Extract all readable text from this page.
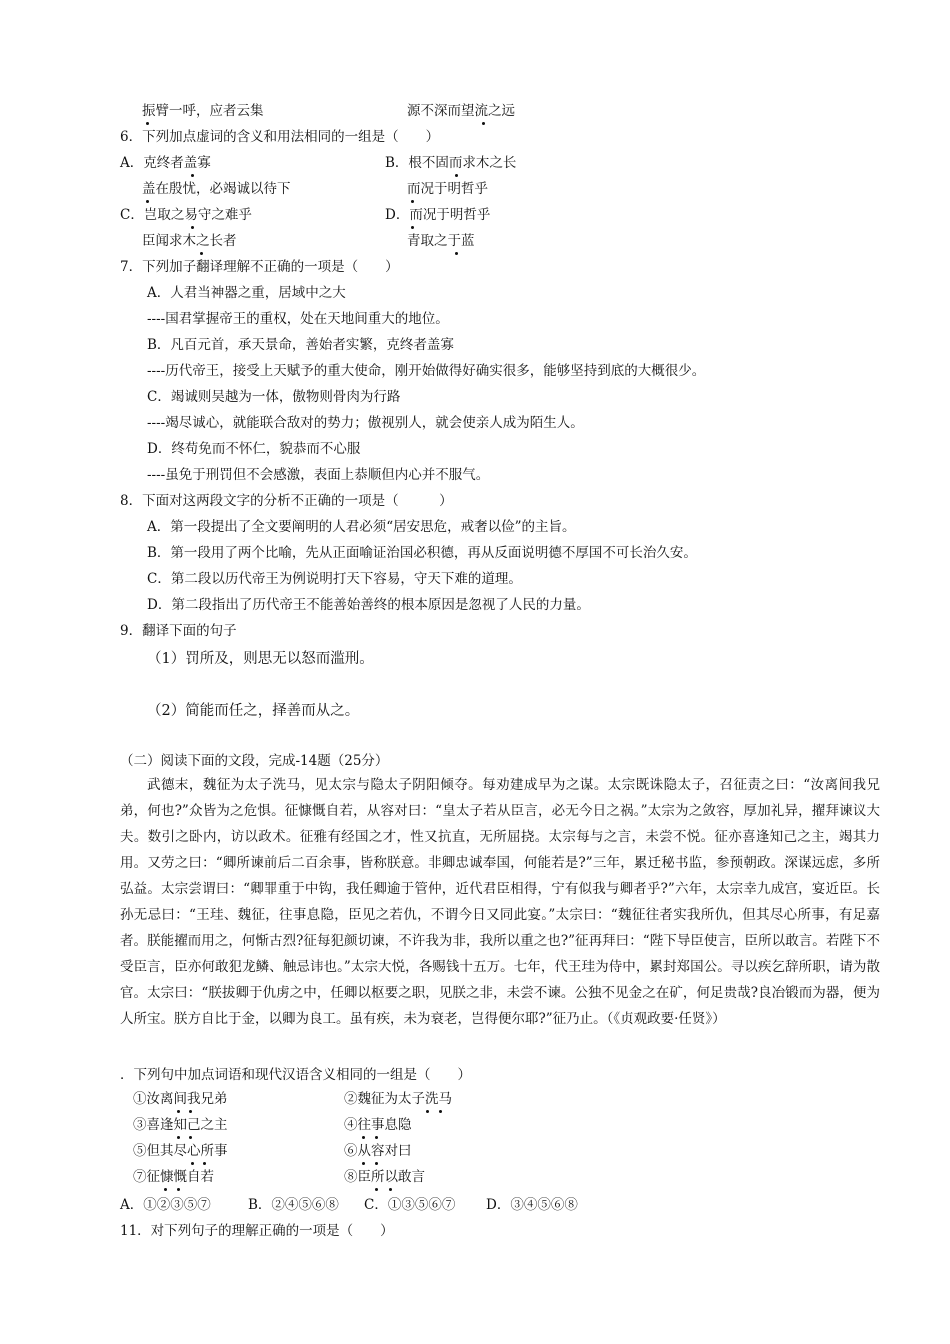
振臂一呼，应者云集	源不深而望流之远
6．下列加点虚词的含义和用法相同的一组是（　　）
A．克终者盖寡	B．根不固而求木之长
盖在殷忧，必竭诚以待下	而况于明哲乎
C．岂取之易守之难乎	D．而况于明哲乎
臣闻求木之长者	青取之于蓝
7．下列加子翻译理解不正确的一项是（　　）
A．人君当神器之重，居域中之大
----国君掌握帝王的重权，处在天地间重大的地位。
B．凡百元首，承天景命，善始者实繁，克终者盖寡
----历代帝王，接受上天赋予的重大使命，刚开始做得好确实很多，能够坚持到底的大概很少。
C．竭诚则吴越为一体，傲物则骨肉为行路
----竭尽诚心，就能联合敌对的势力；傲视别人，就会使亲人成为陌生人。
D．终苟免而不怀仁，貌恭而不心服
----虽免于刑罚但不会感激，表面上恭顺但内心并不服气。
8．下面对这两段文字的分析不正确的一项是（　　　）
A．第一段提出了全文要阐明的人君必须“居安思危，戒奢以俭”的主旨。
B．第一段用了两个比喻，先从正面喻证治国必积德，再从反面说明德不厚国不可长治久安。
C．第二段以历代帝王为例说明打天下容易，守天下难的道理。
D．第二段指出了历代帝王不能善始善终的根本原因是忽视了人民的力量。
9．翻译下面的句子
（1）罚所及，则思无以怒而滥刑。
（2）简能而任之，择善而从之。
（二）阅读下面的文段，完成-14题（25分）
武德末，魏征为太子洗马，见太宗与隐太子阴阳倾夺。每劝建成早为之谋。太宗既诛隐太子，召征责之曰：“汝离间我兄弟，何也?”众皆为之危惧。征慷慨自若，从容对曰：“皇太子若从臣言，必无今日之祸。”太宗为之敛容，厚加礼异，擢拜谏议大夫。数引之卧内，访以政术。征雅有经国之才，性又抗直，无所屈挠。太宗每与之言，未尝不悦。征亦喜逢知己之主，竭其力用。又劳之曰：“卿所谏前后二百余事，皆称朕意。非卿忠诚奉国，何能若是?”三年，累迁秘书监，参预朝政。深谋远虑，多所弘益。太宗尝谓曰：“卿罪重于中钩，我任卿逾于管仲，近代君臣相得，宁有似我与卿者乎?”六年，太宗幸九成宫，宴近臣。长孙无忌曰：“王珪、魏征，往事息隐，臣见之若仇，不谓今日又同此宴。”太宗曰：“魏征往者实我所仇，但其尽心所事，有足嘉者。朕能擢而用之，何惭古烈?征每犯颜切谏，不许我为非，我所以重之也?”征再拜曰：“陛下导臣使言，臣所以敢言。若陛下不受臣言，臣亦何敢犯龙鳞、触忌讳也。”太宗大悦，各赐钱十五万。七年，代王珪为侍中，累封郑国公。寻以疾乞辞所职，请为散官。太宗曰：“朕拔卿于仇虏之中，任卿以枢要之职，见朕之非，未尝不谏。公独不见金之在矿，何足贵哉?良冶锻而为器，便为人所宝。朕方自比于金，以卿为良工。虽有疾，未为衰老，岂得便尔耶?”征乃止。（《贞观政要·任贤》）
．下列句中加点词语和现代汉语含义相同的一组是（　　）
①汝离间我兄弟	②魏征为太子洗马
③喜逢知己之主	④往事息隐
⑤但其尽心所事	⑥从容对曰
⑦征慷慨自若	⑧臣所以敢言
A．①②③⑤⑦	B．②④⑤⑥⑧ C．①③⑤⑥⑦ D．③④⑤⑥⑧
11．对下列句子的理解正确的一项是（　　）
